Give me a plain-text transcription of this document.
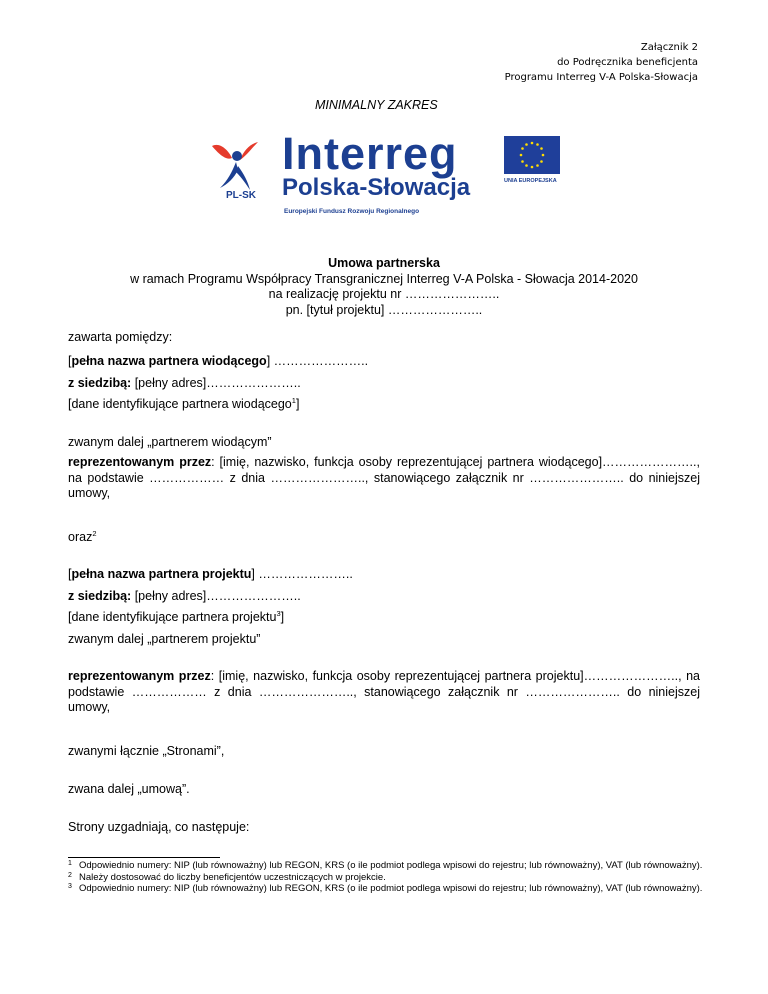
Załącznik 2
do Podręcznika beneficjenta
Programu Interreg V-A Polska-Słowacja
MINIMALNY ZAKRES
PL-SK
Interreg
Polska-Słowacja
Europejski Fundusz Rozwoju Regionalnego
UNIA EUROPEJSKA
Umowa partnerska
w ramach Programu Współpracy Transgranicznej Interreg V-A Polska - Słowacja 2014-2020
na realizację projektu nr …………………..
pn. [tytuł projektu] …………………..
zawarta pomiędzy:
[pełna nazwa partnera wiodącego] …………………..
z siedzibą: [pełny adres]…………………..
[dane identyfikujące partnera wiodącego$^1$]
zwanym dalej „partnerem wiodącym”
reprezentowanym przez: [imię, nazwisko, funkcja osoby reprezentującej partnera wiodącego]………………….., na podstawie ……………… z dnia ………………….., stanowiącego załącznik nr ………………….. do niniejszej umowy,
oraz$^2$
[pełna nazwa partnera projektu] …………………..
z siedzibą: [pełny adres]…………………..
[dane identyfikujące partnera projektu$^3$]
zwanym dalej „partnerem projektu”
reprezentowanym przez: [imię, nazwisko, funkcja osoby reprezentującej partnera projektu]………………….., na podstawie ……………… z dnia ………………….., stanowiącego załącznik nr ………………….. do niniejszej umowy,
zwanymi łącznie „Stronami”,
zwana dalej „umową”.
Strony uzgadniają, co następuje:
1 Odpowiednio numery: NIP (lub równoważny) lub REGON, KRS (o ile podmiot podlega wpisowi do rejestru; lub równoważny), VAT (lub równoważny).
2 Należy dostosować do liczby beneficjentów uczestniczących w projekcie.
3 Odpowiednio numery: NIP (lub równoważny) lub REGON, KRS (o ile podmiot podlega wpisowi do rejestru; lub równoważny), VAT (lub równoważny).
